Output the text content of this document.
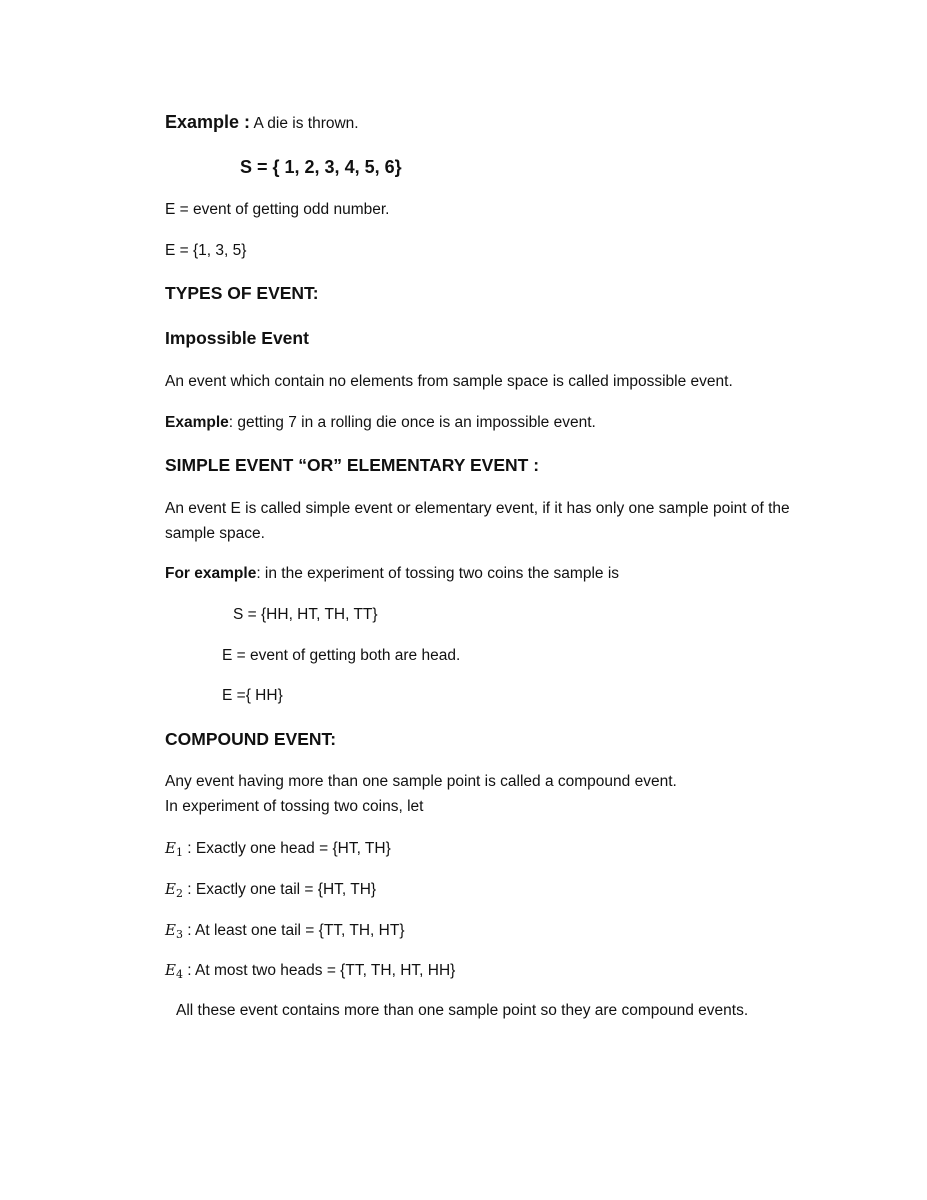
Example : A die is thrown.
S = { 1, 2, 3, 4, 5, 6}
E = event of getting odd number.
E = {1, 3, 5}
TYPES OF EVENT:
Impossible Event
An event which contain no elements from sample space is called impossible event.
Example: getting 7 in a rolling die once is an impossible event.
SIMPLE EVENT “OR” ELEMENTARY EVENT :
An event E is called simple event or elementary event, if it has only one sample point of the sample space.
For example: in the experiment of tossing two coins the sample is
S = {HH, HT, TH, TT}
E = event of getting both are head.
E ={ HH}
COMPOUND EVENT:
Any event having more than one sample point is called a compound event.
In experiment of tossing two coins, let
$E_1$ : Exactly one head = {HT, TH}
$E_2$ : Exactly one tail = {HT, TH}
$E_3$ : At least one tail = {TT, TH, HT}
$E_4$ : At most two heads = {TT, TH, HT, HH}
All these event contains more than one sample point so they are compound events.
